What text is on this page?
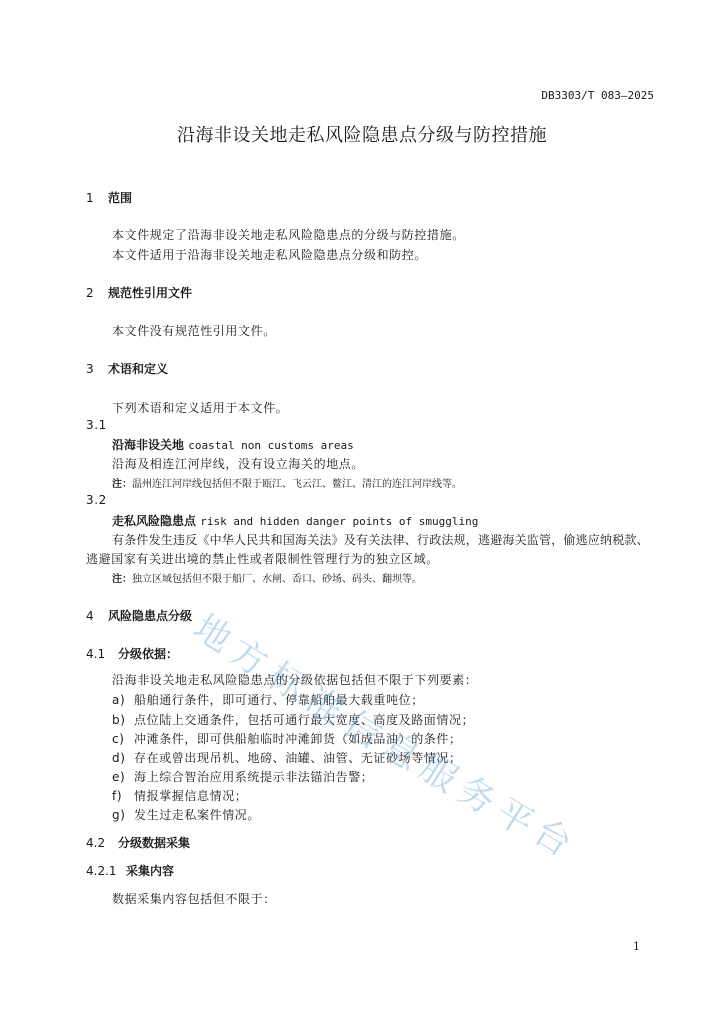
DB3303/T 083—2025
沿海非设关地走私风险隐患点分级与防控措施
1 范围
本文件规定了沿海非设关地走私风险隐患点的分级与防控措施。
本文件适用于沿海非设关地走私风险隐患点分级和防控。
2 规范性引用文件
本文件没有规范性引用文件。
3 术语和定义
下列术语和定义适用于本文件。
3.1
沿海非设关地 coastal non customs areas
沿海及相连江河岸线，没有设立海关的地点。
注：温州连江河岸线包括但不限于瓯江、飞云江、鳌江、清江的连江河岸线等。
3.2
走私风险隐患点 risk and hidden danger points of smuggling
有条件发生违反《中华人民共和国海关法》及有关法律、行政法规，逃避海关监管，偷逃应纳税款、
逃避国家有关进出境的禁止性或者限制性管理行为的独立区域。
注：独立区域包括但不限于船厂、水闸、岙口、砂场、码头、翻坝等。
4 风险隐患点分级
4.1 分级依据：
沿海非设关地走私风险隐患点的分级依据包括但不限于下列要素：
a) 船舶通行条件，即可通行、停靠船舶最大载重吨位；
b) 点位陆上交通条件，包括可通行最大宽度、高度及路面情况；
c) 冲滩条件，即可供船舶临时冲滩卸货（如成品油）的条件；
d) 存在或曾出现吊机、地磅、油罐、油管、无证砂场等情况；
e) 海上综合智治应用系统提示非法锚泊告警；
f) 情报掌握信息情况；
g) 发生过走私案件情况。
4.2 分级数据采集
4.2.1 采集内容
数据采集内容包括但不限于：
1
地
方
标
准
信
息
服
务
平
台
